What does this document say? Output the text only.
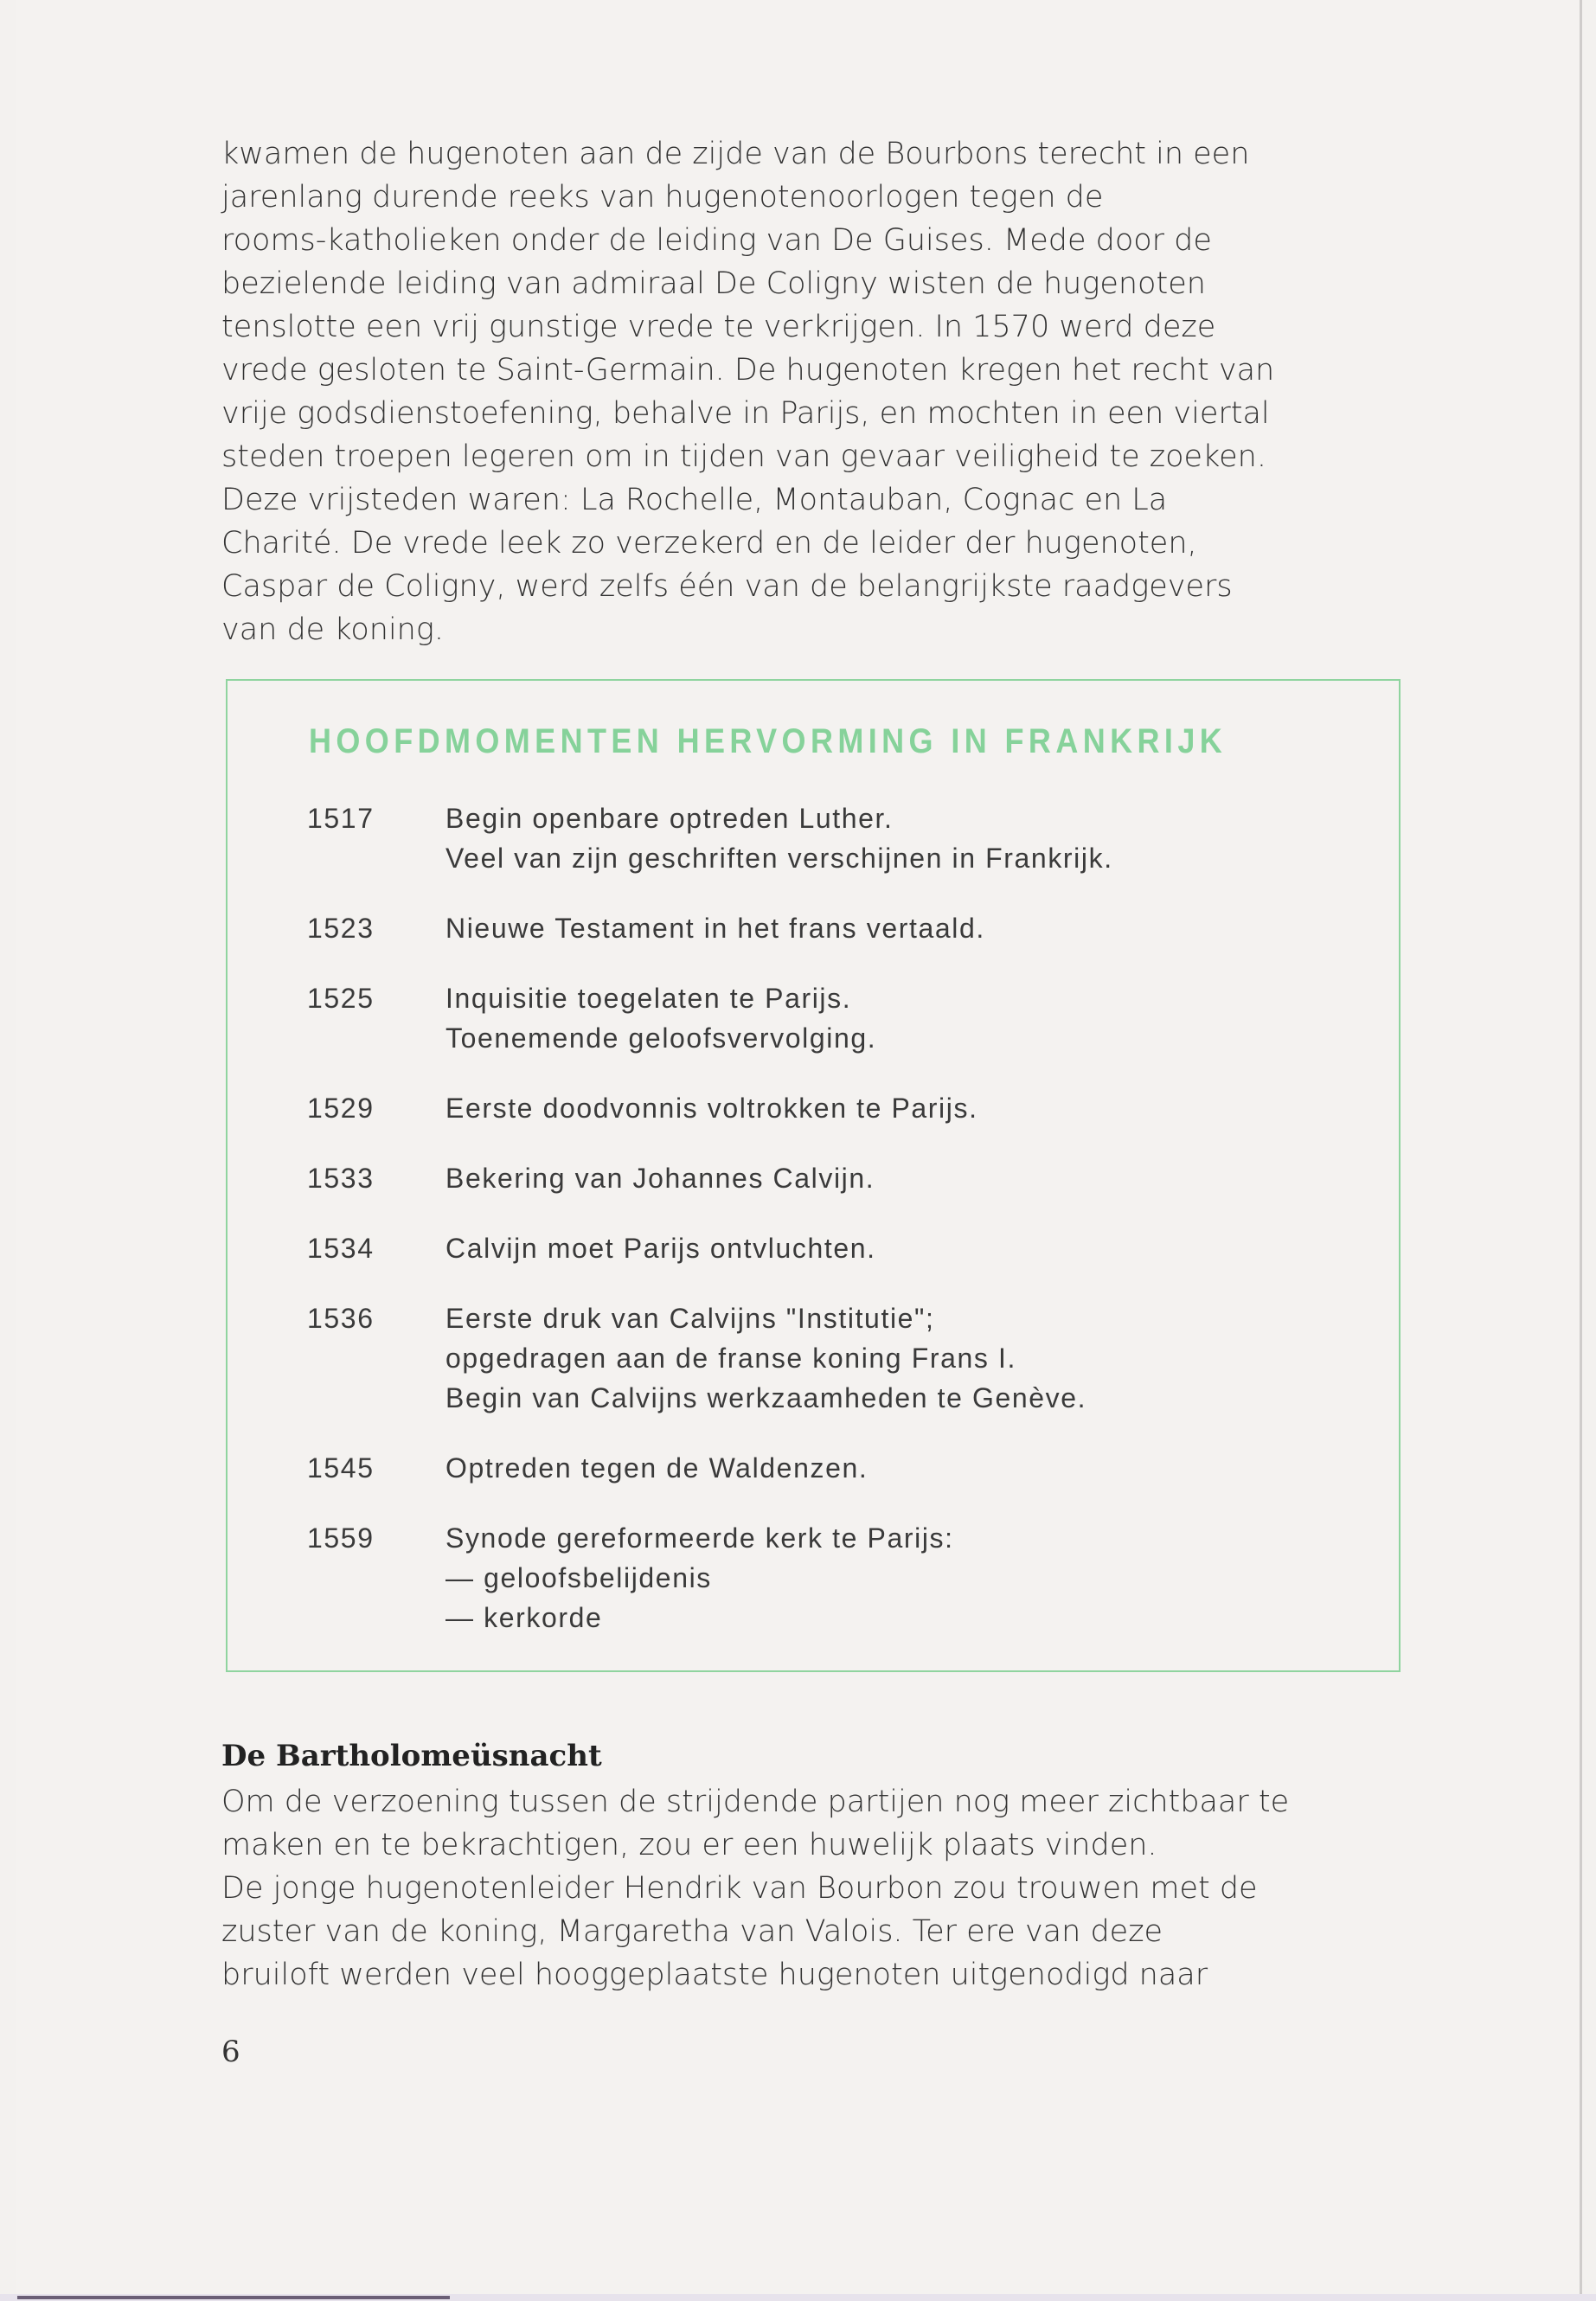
kwamen de hugenoten aan de zijde van de Bourbons terecht in een
jarenlang durende reeks van hugenotenoorlogen tegen de
rooms-katholieken onder de leiding van De Guises. Mede door de
bezielende leiding van admiraal De Coligny wisten de hugenoten
tenslotte een vrij gunstige vrede te verkrijgen. In 1570 werd deze
vrede gesloten te Saint-Germain. De hugenoten kregen het recht van
vrije godsdienstoefening, behalve in Parijs, en mochten in een viertal
steden troepen legeren om in tijden van gevaar veiligheid te zoeken.
Deze vrijsteden waren: La Rochelle, Montauban, Cognac en La
Charité. De vrede leek zo verzekerd en de leider der hugenoten,
Caspar de Coligny, werd zelfs één van de belangrijkste raadgevers
van de koning.
HOOFDMOMENTEN HERVORMING IN FRANKRIJK
1517	Begin openbare optreden Luther.
Veel van zijn geschriften verschijnen in Frankrijk.
1523	Nieuwe Testament in het frans vertaald.
1525	Inquisitie toegelaten te Parijs.
Toenemende geloofsvervolging.
1529	Eerste doodvonnis voltrokken te Parijs.
1533	Bekering van Johannes Calvijn.
1534	Calvijn moet Parijs ontvluchten.
1536	Eerste druk van Calvijns "Institutie";
opgedragen aan de franse koning Frans I.
Begin van Calvijns werkzaamheden te Genève.
1545	Optreden tegen de Waldenzen.
1559	Synode gereformeerde kerk te Parijs:
— geloofsbelijdenis
— kerkorde
De Bartholomeüsnacht
Om de verzoening tussen de strijdende partijen nog meer zichtbaar te
maken en te bekrachtigen, zou er een huwelijk plaats vinden.
De jonge hugenotenleider Hendrik van Bourbon zou trouwen met de
zuster van de koning, Margaretha van Valois. Ter ere van deze
bruiloft werden veel hooggeplaatste hugenoten uitgenodigd naar
6
